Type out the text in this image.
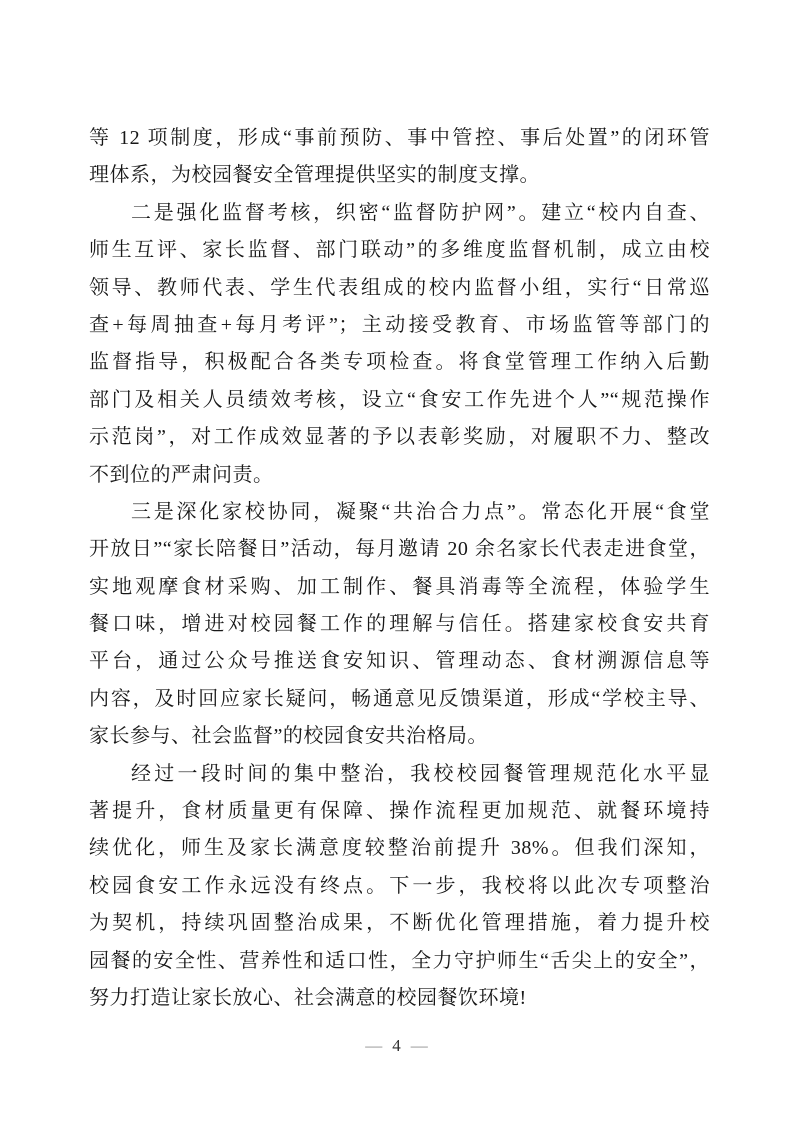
等 12 项制度，形成“事前预防、事中管控、事后处置”的闭环管
理体系，为校园餐安全管理提供坚实的制度支撑。
二是强化监督考核，织密“监督防护网”。建立“校内自查、
师生互评、家长监督、部门联动”的多维度监督机制，成立由校
领导、教师代表、学生代表组成的校内监督小组，实行“日常巡
查+每周抽查+每月考评”；主动接受教育、市场监管等部门的
监督指导，积极配合各类专项检查。将食堂管理工作纳入后勤
部门及相关人员绩效考核，设立“食安工作先进个人”“规范操作
示范岗”，对工作成效显著的予以表彰奖励，对履职不力、整改
不到位的严肃问责。
三是深化家校协同，凝聚“共治合力点”。常态化开展“食堂
开放日”“家长陪餐日”活动，每月邀请 20 余名家长代表走进食堂，
实地观摩食材采购、加工制作、餐具消毒等全流程，体验学生
餐口味，增进对校园餐工作的理解与信任。搭建家校食安共育
平台，通过公众号推送食安知识、管理动态、食材溯源信息等
内容，及时回应家长疑问，畅通意见反馈渠道，形成“学校主导、
家长参与、社会监督”的校园食安共治格局。
经过一段时间的集中整治，我校校园餐管理规范化水平显
著提升，食材质量更有保障、操作流程更加规范、就餐环境持
续优化，师生及家长满意度较整治前提升 38%。但我们深知，
校园食安工作永远没有终点。下一步，我校将以此次专项整治
为契机，持续巩固整治成果，不断优化管理措施，着力提升校
园餐的安全性、营养性和适口性，全力守护师生“舌尖上的安全”，
努力打造让家长放心、社会满意的校园餐饮环境!
— 4 —
